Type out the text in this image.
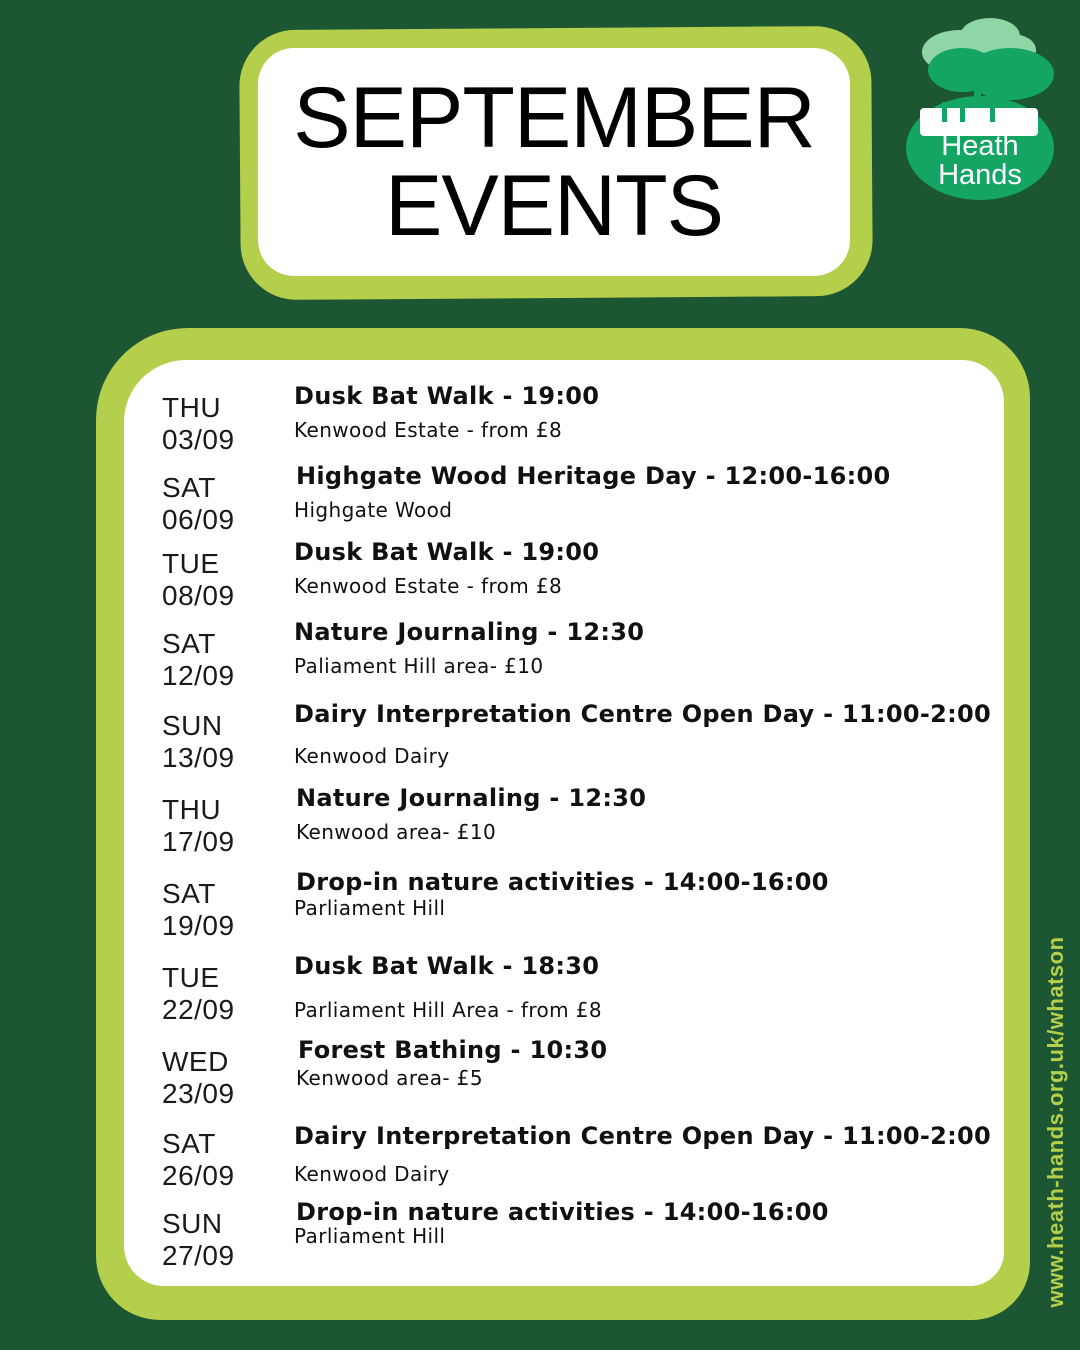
SEPTEMBER
EVENTS
Heath
Hands
THU
03/09
Dusk Bat Walk - 19:00
Kenwood Estate - from £8
SAT
06/09
Highgate Wood Heritage Day - 12:00-16:00
Highgate Wood
TUE
08/09
Dusk Bat Walk - 19:00
Kenwood Estate - from £8
SAT
12/09
Nature Journaling - 12:30
Paliament Hill area- £10
SUN
13/09
Dairy Interpretation Centre Open Day - 11:00-2:00
Kenwood Dairy
THU
17/09
Nature Journaling - 12:30
Kenwood area- £10
SAT
19/09
Drop-in nature activities - 14:00-16:00
Parliament Hill
TUE
22/09
Dusk Bat Walk - 18:30
Parliament Hill Area - from £8
WED
23/09
Forest Bathing - 10:30
Kenwood area- £5
SAT
26/09
Dairy Interpretation Centre Open Day - 11:00-2:00
Kenwood Dairy
SUN
27/09
Drop-in nature activities - 14:00-16:00
Parliament Hill	www.heath-hands.org.uk/whatson
